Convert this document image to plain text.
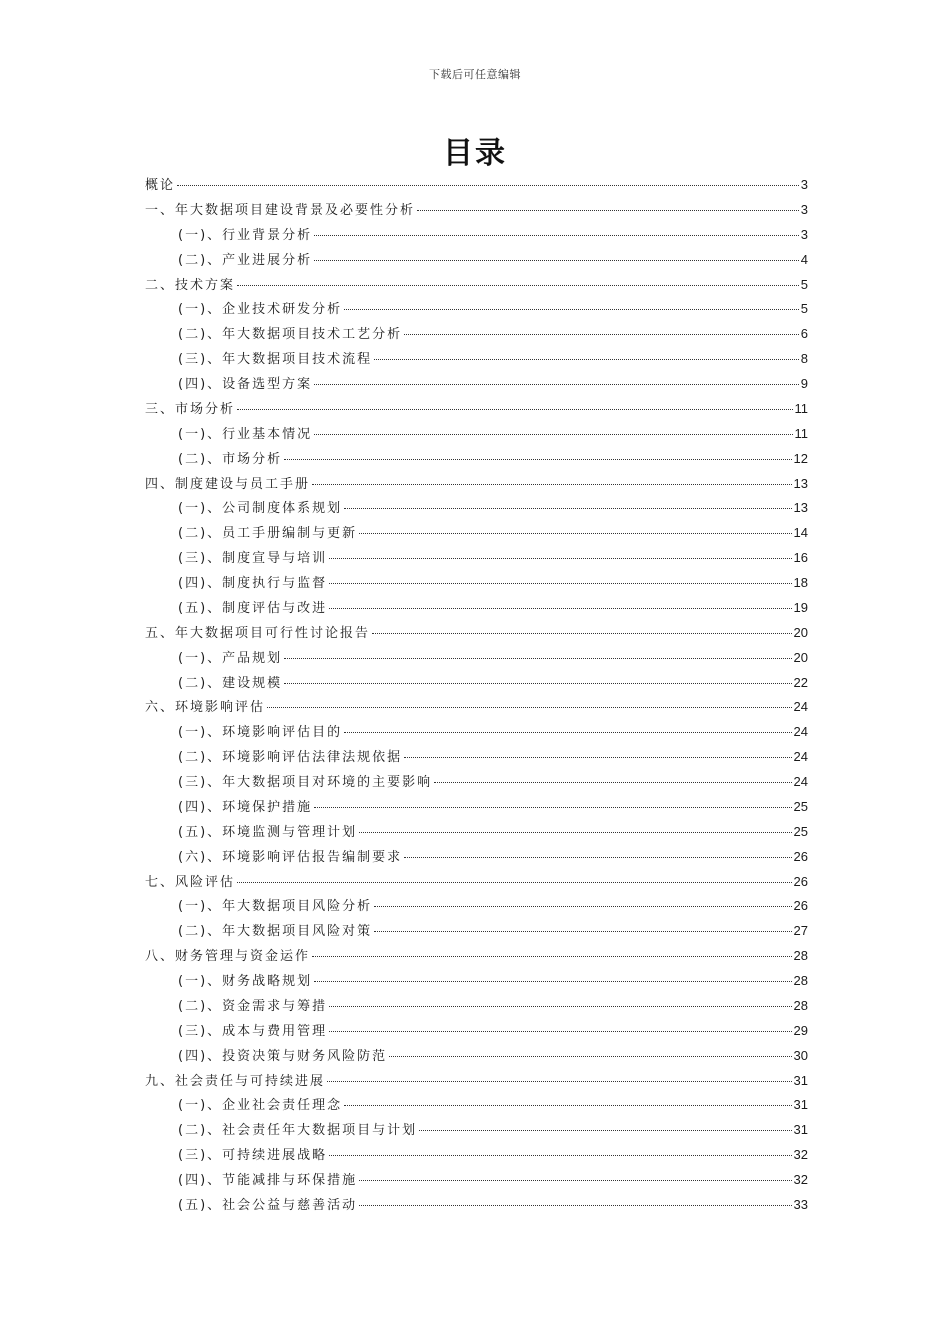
下载后可任意编辑
目录
概论	3
一、年大数据项目建设背景及必要性分析	3
(一)、行业背景分析	3
(二)、产业进展分析	4
二、技术方案	5
(一)、企业技术研发分析	5
(二)、年大数据项目技术工艺分析	6
(三)、年大数据项目技术流程	8
(四)、设备选型方案	9
三、市场分析	11
(一)、行业基本情况	11
(二)、市场分析	12
四、制度建设与员工手册	13
(一)、公司制度体系规划	13
(二)、员工手册编制与更新	14
(三)、制度宣导与培训	16
(四)、制度执行与监督	18
(五)、制度评估与改进	19
五、年大数据项目可行性讨论报告	20
(一)、产品规划	20
(二)、建设规模	22
六、环境影响评估	24
(一)、环境影响评估目的	24
(二)、环境影响评估法律法规依据	24
(三)、年大数据项目对环境的主要影响	24
(四)、环境保护措施	25
(五)、环境监测与管理计划	25
(六)、环境影响评估报告编制要求	26
七、风险评估	26
(一)、年大数据项目风险分析	26
(二)、年大数据项目风险对策	27
八、财务管理与资金运作	28
(一)、财务战略规划	28
(二)、资金需求与筹措	28
(三)、成本与费用管理	29
(四)、投资决策与财务风险防范	30
九、社会责任与可持续进展	31
(一)、企业社会责任理念	31
(二)、社会责任年大数据项目与计划	31
(三)、可持续进展战略	32
(四)、节能减排与环保措施	32
(五)、社会公益与慈善活动	33
